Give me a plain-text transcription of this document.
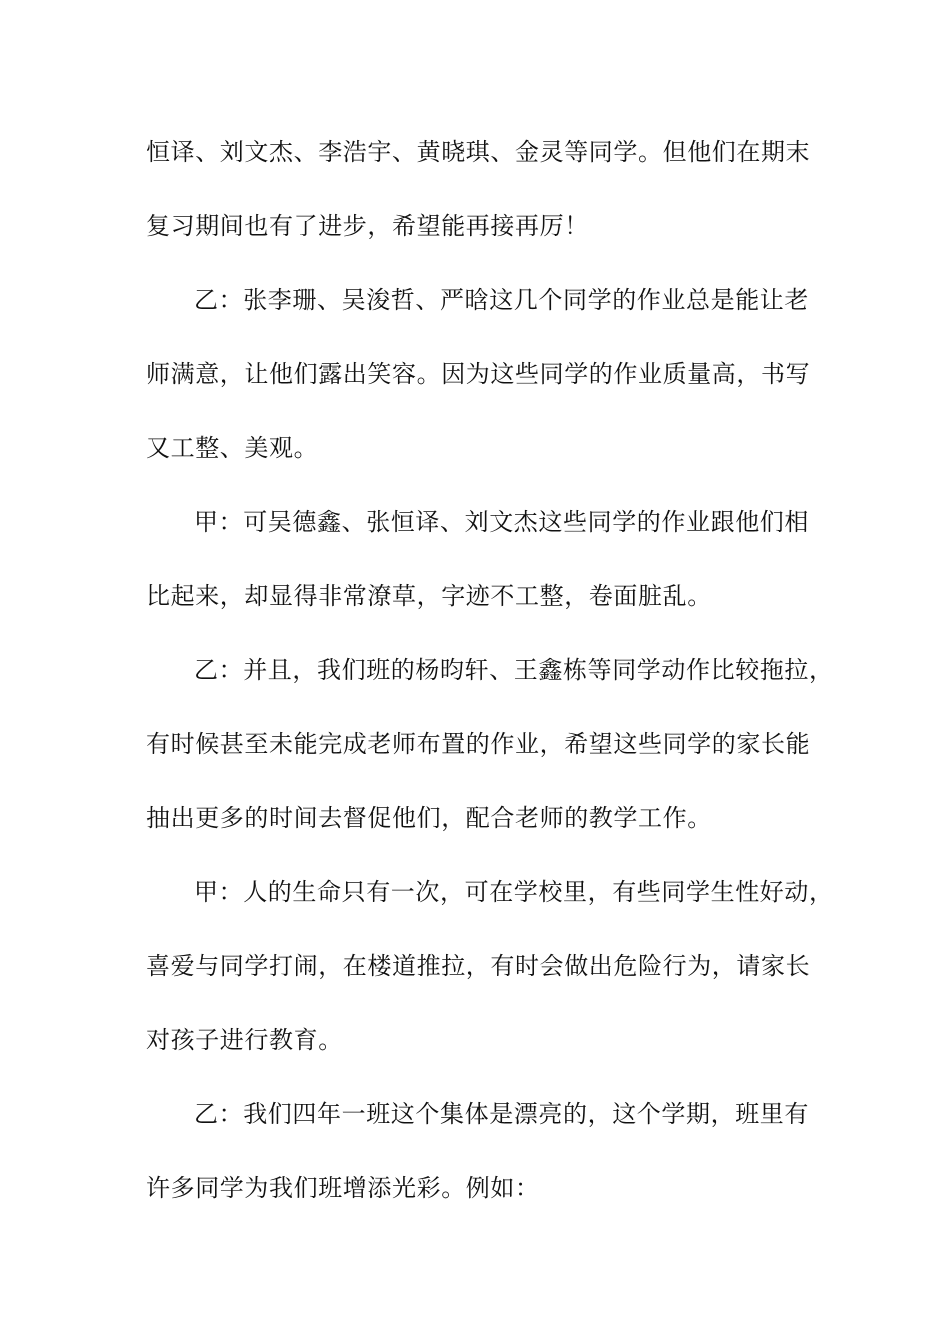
恒译、刘文杰、李浩宇、黄晓琪、金灵等同学。但他们在期末

复习期间也有了进步，希望能再接再厉！

乙：张李珊、吴浚哲、严晗这几个同学的作业总是能让老

师满意，让他们露出笑容。因为这些同学的作业质量高，书写

又工整、美观。

甲：可吴德鑫、张恒译、刘文杰这些同学的作业跟他们相

比起来，却显得非常潦草，字迹不工整，卷面脏乱。

乙：并且，我们班的杨昀轩、王鑫栋等同学动作比较拖拉，

有时候甚至未能完成老师布置的作业，希望这些同学的家长能

抽出更多的时间去督促他们，配合老师的教学工作。

甲：人的生命只有一次，可在学校里，有些同学生性好动，

喜爱与同学打闹，在楼道推拉，有时会做出危险行为，请家长

对孩子进行教育。

乙：我们四年一班这个集体是漂亮的，这个学期，班里有

许多同学为我们班增添光彩。例如：
